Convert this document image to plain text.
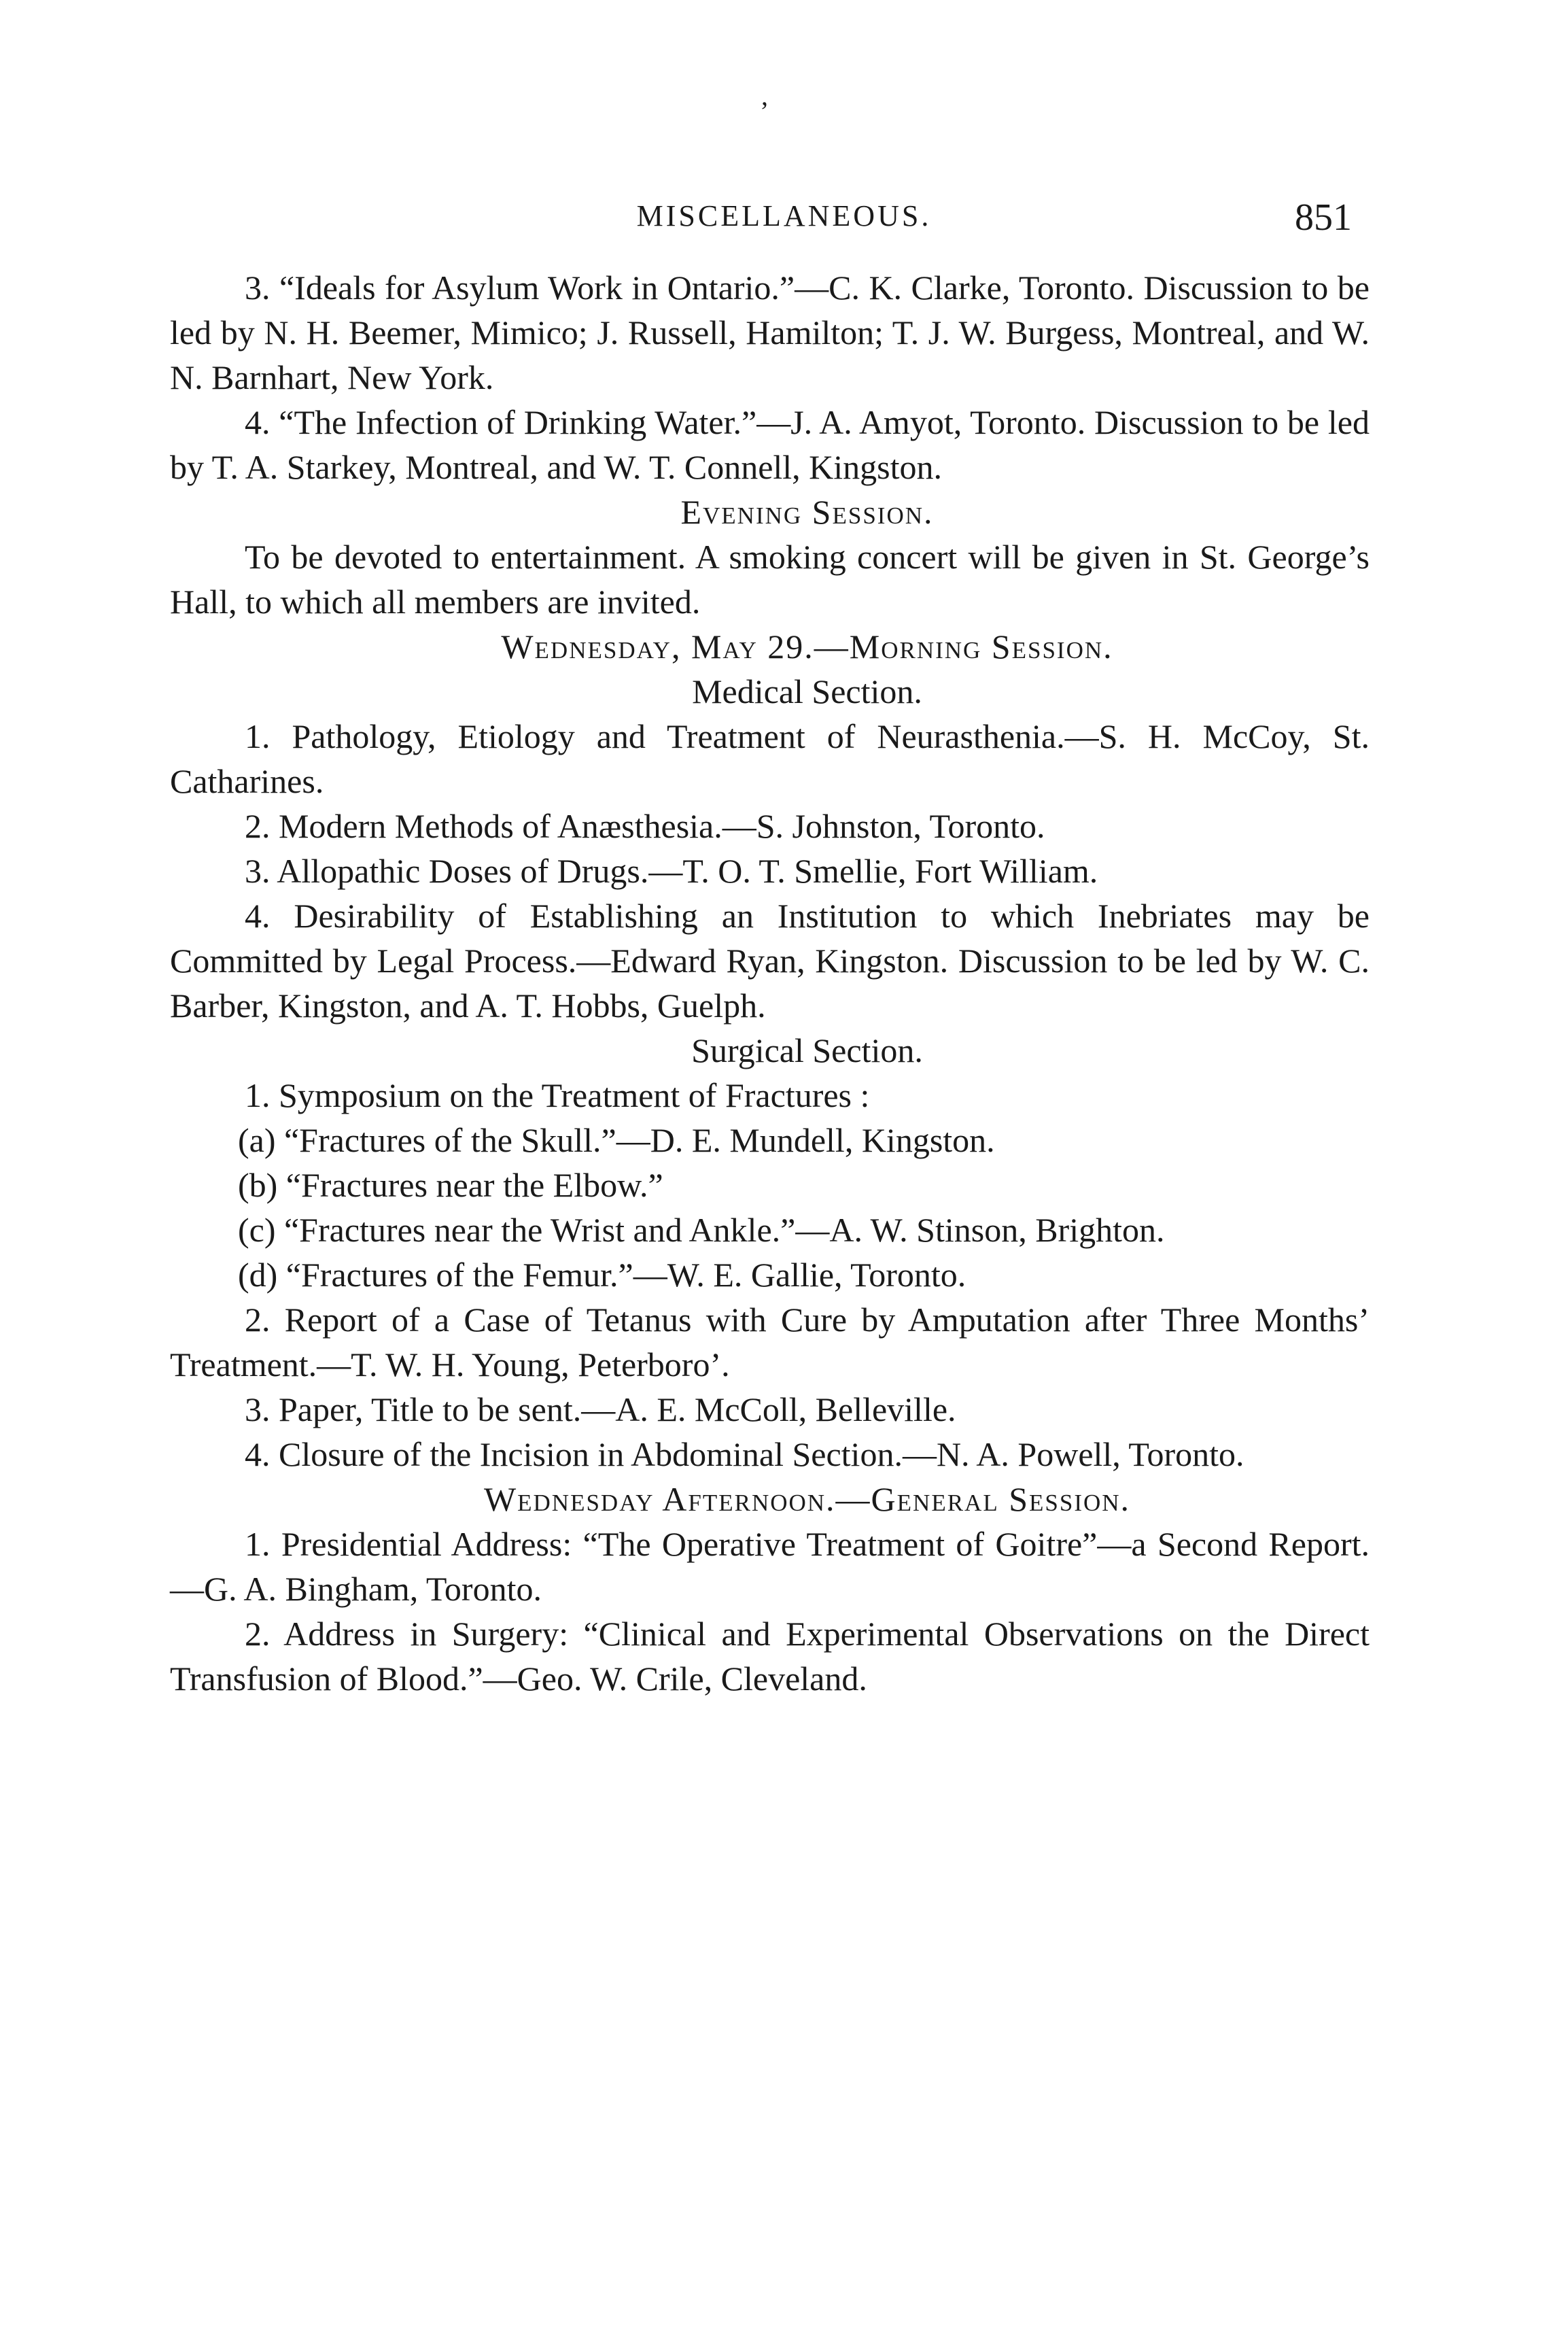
’
MISCELLANEOUS.	851

3. “Ideals for Asylum Work in Ontario.”—C. K. Clarke, Toronto. Discussion to be led by N. H. Beemer, Mimico; J. Russell, Hamilton; T. J. W. Burgess, Montreal, and W. N. Barnhart, New York.

4. “The Infection of Drinking Water.”—J. A. Amyot, Toronto. Discussion to be led by T. A. Starkey, Montreal, and W. T. Connell, Kingston.

Evening Session.

To be devoted to entertainment. A smoking concert will be given in St. George’s Hall, to which all members are invited.

Wednesday, May 29.—Morning Session.

Medical Section.

1. Pathology, Etiology and Treatment of Neurasthenia.—S. H. McCoy, St. Catharines.

2. Modern Methods of Anæsthesia.—S. Johnston, Toronto.

3. Allopathic Doses of Drugs.—T. O. T. Smellie, Fort William.

4. Desirability of Establishing an Institution to which Inebriates may be Committed by Legal Process.—Edward Ryan, Kingston. Discussion to be led by W. C. Barber, Kingston, and A. T. Hobbs, Guelph.

Surgical Section.

1. Symposium on the Treatment of Fractures :

(a) “Fractures of the Skull.”—D. E. Mundell, Kingston.

(b) “Fractures near the Elbow.”

(c) “Fractures near the Wrist and Ankle.”—A. W. Stinson, Brighton.

(d) “Fractures of the Femur.”—W. E. Gallie, Toronto.

2. Report of a Case of Tetanus with Cure by Amputation after Three Months’ Treatment.—T. W. H. Young, Peterboro’.

3. Paper, Title to be sent.—A. E. McColl, Belleville.

4. Closure of the Incision in Abdominal Section.—N. A. Powell, Toronto.

Wednesday Afternoon.—General Session.

1. Presidential Address: “The Operative Treatment of Goitre”—a Second Report.—G. A. Bingham, Toronto.

2. Address in Surgery: “Clinical and Experimental Observations on the Direct Transfusion of Blood.”—Geo. W. Crile, Cleveland.
